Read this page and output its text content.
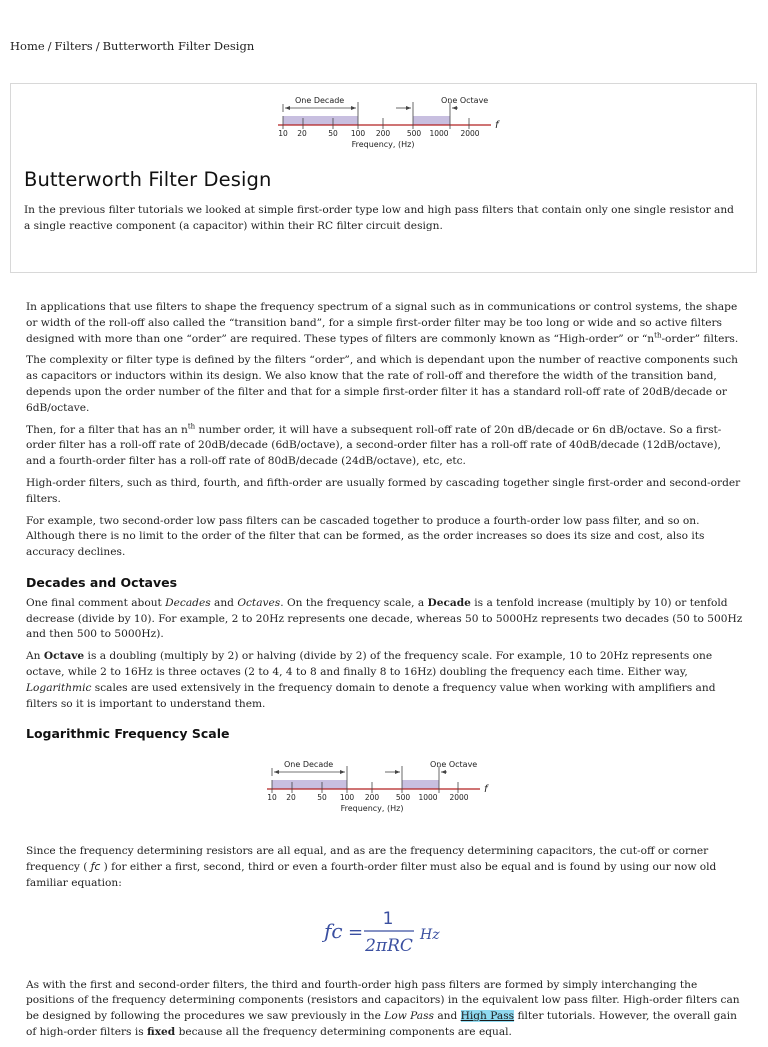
Home / Filters / Butterworth Filter Design
One Decade	One Octave
f
10 20	50 100 200 500 1000 2000
Frequency, (Hz)
Butterworth Filter Design

In the previous filter tutorials we looked at simple first-order type low and high pass filters that contain only one single resistor and a single reactive component (a capacitor) within their RC filter circuit design.

In applications that use filters to shape the frequency spectrum of a signal such as in communications or control systems, the shape or width of the roll-off also called the “transition band”, for a simple first-order filter may be too long or wide and so active filters designed with more than one “order” are required. These types of filters are commonly known as “High-order” or “$n^{th}$-order” filters.

The complexity or filter type is defined by the filters “order”, and which is dependant upon the number of reactive components such as capacitors or inductors within its design. We also know that the rate of roll-off and therefore the width of the transition band, depends upon the order number of the filter and that for a simple first-order filter it has a standard roll-off rate of 20dB/decade or 6dB/octave.

Then, for a filter that has an $n^{th}$ number order, it will have a subsequent roll-off rate of 20n dB/decade or 6n dB/octave. So a first-order filter has a roll-off rate of 20dB/decade (6dB/octave), a second-order filter has a roll-off rate of 40dB/decade (12dB/octave), and a fourth-order filter has a roll-off rate of 80dB/decade (24dB/octave), etc, etc.

High-order filters, such as third, fourth, and fifth-order are usually formed by cascading together single first-order and second-order filters.

For example, two second-order low pass filters can be cascaded together to produce a fourth-order low pass filter, and so on. Although there is no limit to the order of the filter that can be formed, as the order increases so does its size and cost, also its accuracy declines.

Decades and Octaves

One final comment about Decades and Octaves. On the frequency scale, a Decade is a tenfold increase (multiply by 10) or tenfold decrease (divide by 10). For example, 2 to 20Hz represents one decade, whereas 50 to 5000Hz represents two decades (50 to 500Hz and then 500 to 5000Hz).

An Octave is a doubling (multiply by 2) or halving (divide by 2) of the frequency scale. For example, 10 to 20Hz represents one octave, while 2 to 16Hz is three octaves (2 to 4, 4 to 8 and finally 8 to 16Hz) doubling the frequency each time. Either way, Logarithmic scales are used extensively in the frequency domain to denote a frequency value when working with amplifiers and filters so it is important to understand them.

Logarithmic Frequency Scale
One Decade	One Octave
f
10 20	50 100 200 500 1000 2000
Frequency, (Hz)

Since the frequency determining resistors are all equal, and as are the frequency determining capacitors, the cut-off or corner frequency ( ƒc ) for either a first, second, third or even a fourth-order filter must also be equal and is found by using our now old familiar equation:

ƒc =
1
2πRC
Hz

As with the first and second-order filters, the third and fourth-order high pass filters are formed by simply interchanging the positions of the frequency determining components (resistors and capacitors) in the equivalent low pass filter. High-order filters can be designed by following the procedures we saw previously in the Low Pass and High Pass filter tutorials. However, the overall gain of high-order filters is fixed because all the frequency determining components are equal.
